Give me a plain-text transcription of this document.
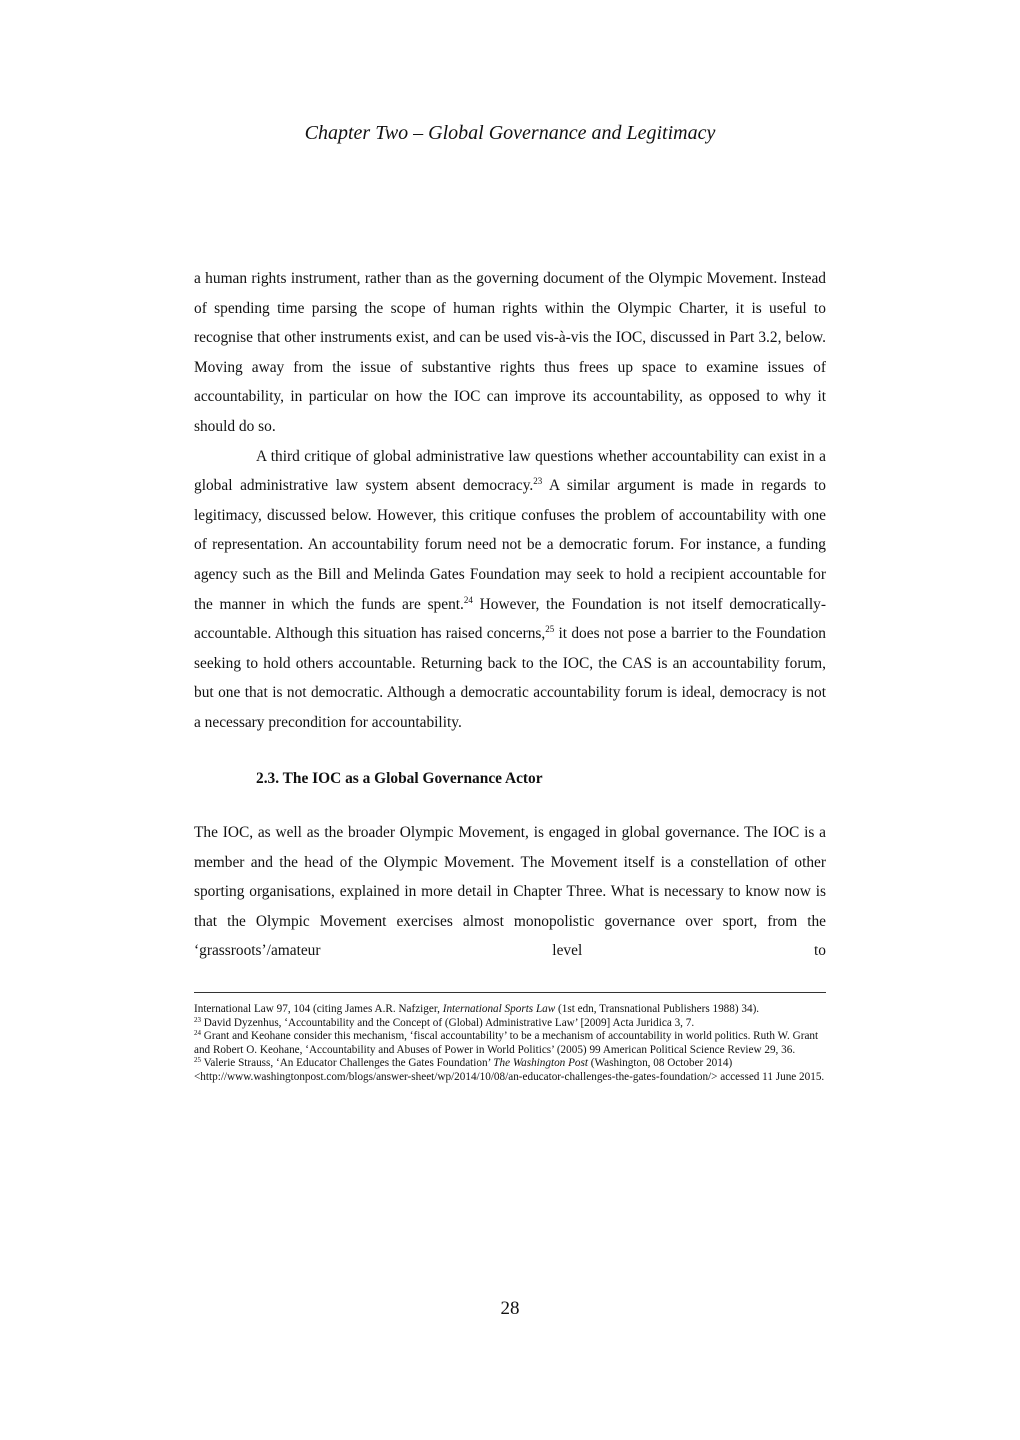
Chapter Two – Global Governance and Legitimacy

a human rights instrument, rather than as the governing document of the Olympic Movement. Instead of spending time parsing the scope of human rights within the Olympic Charter, it is useful to recognise that other instruments exist, and can be used vis-à-vis the IOC, discussed in Part 3.2, below. Moving away from the issue of substantive rights thus frees up space to examine issues of accountability, in particular on how the IOC can improve its accountability, as opposed to why it should do so.

A third critique of global administrative law questions whether accountability can exist in a global administrative law system absent democracy.$^{23}$ A similar argument is made in regards to legitimacy, discussed below. However, this critique confuses the problem of accountability with one of representation. An accountability forum need not be a democratic forum. For instance, a funding agency such as the Bill and Melinda Gates Foundation may seek to hold a recipient accountable for the manner in which the funds are spent.$^{24}$ However, the Foundation is not itself democratically-accountable. Although this situation has raised concerns,$^{25}$ it does not pose a barrier to the Foundation seeking to hold others accountable. Returning back to the IOC, the CAS is an accountability forum, but one that is not democratic. Although a democratic accountability forum is ideal, democracy is not a necessary precondition for accountability.

2.3. The IOC as a Global Governance Actor

The IOC, as well as the broader Olympic Movement, is engaged in global governance. The IOC is a member and the head of the Olympic Movement. The Movement itself is a constellation of other sporting organisations, explained in more detail in Chapter Three. What is necessary to know now is that the Olympic Movement exercises almost monopolistic governance over sport, from the ‘grassroots’/amateur level to

International Law 97, 104 (citing James A.R. Nafziger, International Sports Law (1st edn, Transnational Publishers 1988) 34).

$^{23}$ David Dyzenhus, ‘Accountability and the Concept of (Global) Administrative Law’ [2009] Acta Juridica 3, 7.

$^{24}$ Grant and Keohane consider this mechanism, ‘fiscal accountability’ to be a mechanism of accountability in world politics. Ruth W. Grant and Robert O. Keohane, ‘Accountability and Abuses of Power in World Politics’ (2005) 99 American Political Science Review 29, 36.

$^{25}$ Valerie Strauss, ‘An Educator Challenges the Gates Foundation’ The Washington Post (Washington, 08 October 2014) <http://www.washingtonpost.com/blogs/answer-sheet/wp/2014/10/08/an-educator-challenges-the-gates-foundation/> accessed 11 June 2015.

28
